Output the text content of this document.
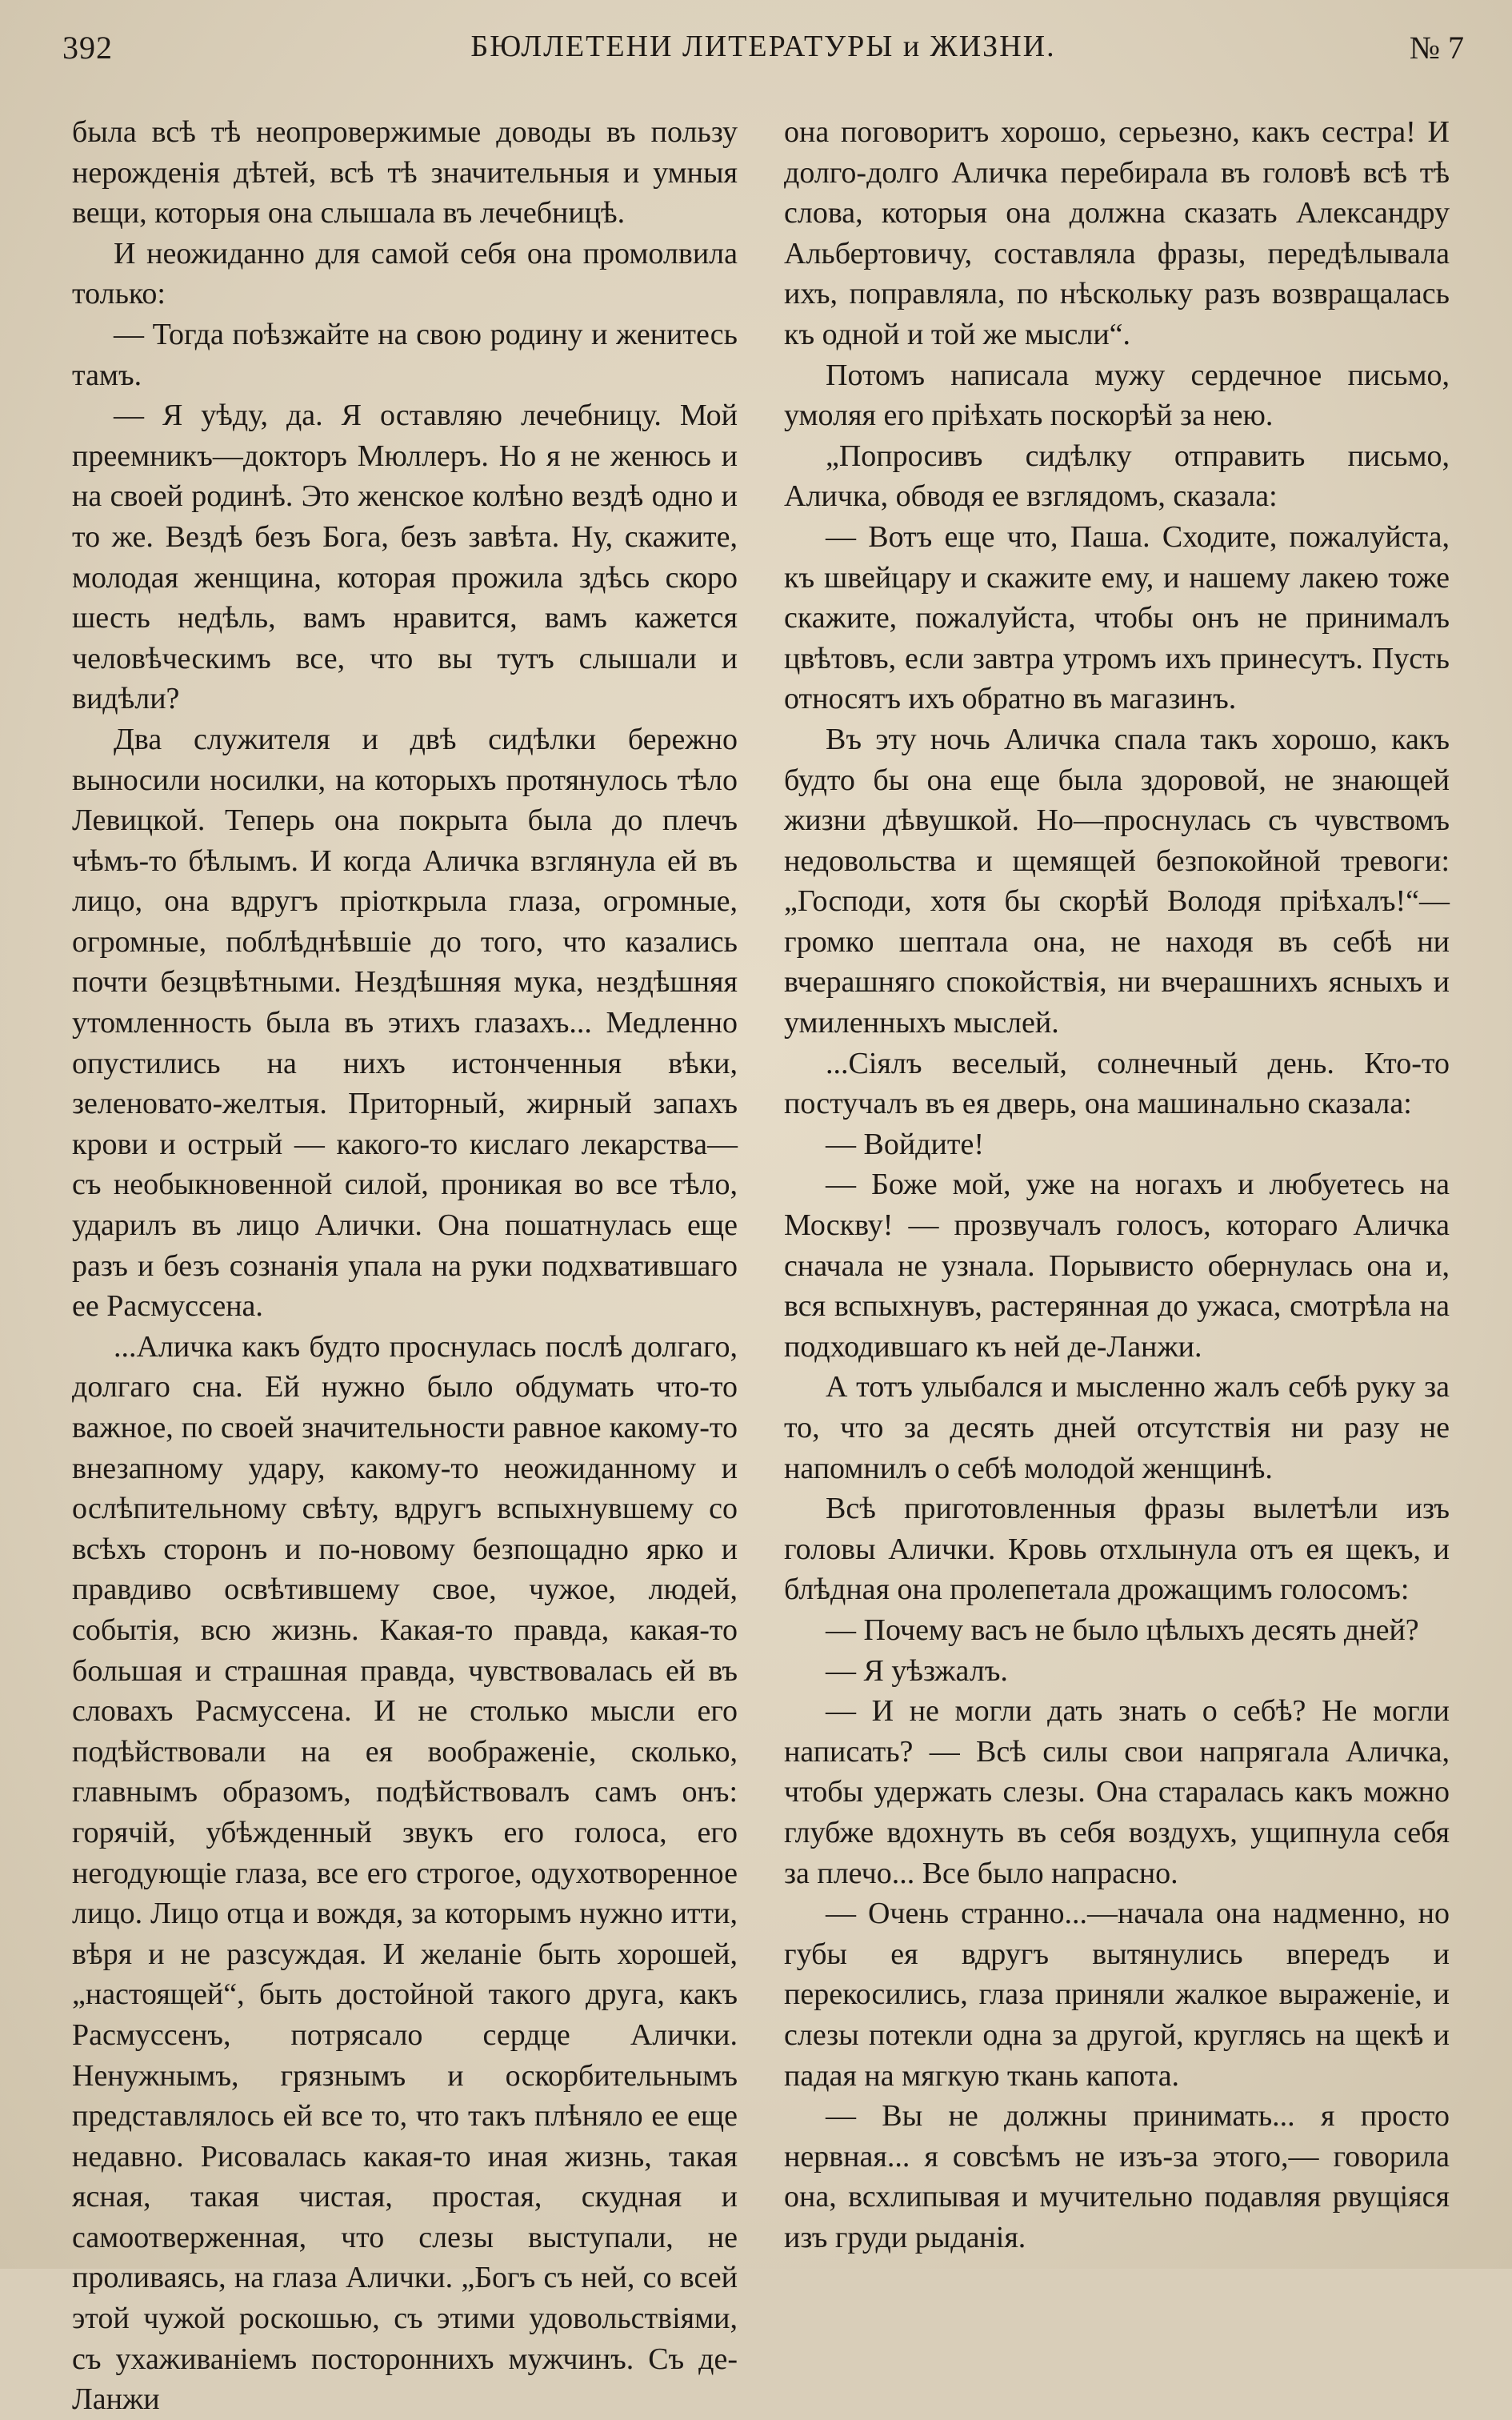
392	БЮЛЛЕТЕНИ ЛИТЕРАТУРЫ и ЖИЗНИ.	№ 7

была всѣ тѣ неопровержимые доводы въ пользу нерожденія дѣтей, всѣ тѣ значительныя и умныя вещи, которыя она слышала въ лечебницѣ.

И неожиданно для самой себя она промолвила только:

— Тогда поѣзжайте на свою родину и женитесь тамъ.

— Я уѣду, да. Я оставляю лечебницу. Мой преемникъ—докторъ Мюллеръ. Но я не женюсь и на своей родинѣ. Это женское колѣно вездѣ одно и то же. Вездѣ безъ Бога, безъ завѣта. Ну, скажите, молодая женщина, которая прожила здѣсь скоро шесть недѣль, вамъ нравится, вамъ кажется человѣческимъ все, что вы тутъ слышали и видѣли?

Два служителя и двѣ сидѣлки бережно выносили носилки, на которыхъ протянулось тѣло Левицкой. Теперь она покрыта была до плечъ чѣмъ-то бѣлымъ. И когда Аличка взглянула ей въ лицо, она вдругъ пріоткрыла глаза, огромные, огромные, поблѣднѣвшіе до того, что казались почти безцвѣтными. Нездѣшняя мука, нездѣшняя утомленность была въ этихъ глазахъ... Медленно опустились на нихъ истонченныя вѣки, зеленовато-желтыя. Приторный, жирный запахъ крови и острый — какого-то кислаго лекарства—съ необыкновенной силой, проникая во все тѣло, ударилъ въ лицо Алички. Она пошатнулась еще разъ и безъ сознанія упала на руки подхватившаго ее Расмуссена.

...Аличка какъ будто проснулась послѣ долгаго, долгаго сна. Ей нужно было обдумать что-то важное, по своей значительности равное какому-то внезапному удару, какому-то неожиданному и ослѣпительному свѣту, вдругъ вспыхнувшему со всѣхъ сторонъ и по-новому безпощадно ярко и правдиво освѣтившему свое, чужое, людей, событія, всю жизнь. Какая-то правда, какая-то большая и страшная правда, чувствовалась ей въ словахъ Расмуссена. И не столько мысли его подѣйствовали на ея воображеніе, сколько, главнымъ образомъ, подѣйствовалъ самъ онъ: горячій, убѣжденный звукъ его голоса, его негодующіе глаза, все его строгое, одухотворенное лицо. Лицо отца и вождя, за которымъ нужно итти, вѣря и не разсуждая. И желаніе быть хорошей, „настоящей“, быть достойной такого друга, какъ Расмуссенъ, потрясало сердце Алички. Ненужнымъ, грязнымъ и оскорбительнымъ представлялось ей все то, что такъ плѣняло ее еще недавно. Рисовалась какая-то иная жизнь, такая ясная, такая чистая, простая, скудная и самоотверженная, что слезы выступали, не проливаясь, на глаза Алички. „Богъ съ ней, со всей этой чужой роскошью, съ этими удовольствіями, съ ухаживаніемъ постороннихъ мужчинъ. Съ де-Ланжи

она поговоритъ хорошо, серьезно, какъ сестра! И долго-долго Аличка перебирала въ головѣ всѣ тѣ слова, которыя она должна сказать Александру Альбертовичу, составляла фразы, передѣлывала ихъ, поправляла, по нѣскольку разъ возвращалась къ одной и той же мысли“.

Потомъ написала мужу сердечное письмо, умоляя его пріѣхать поскорѣй за нею.

„Попросивъ сидѣлку отправить письмо, Аличка, обводя ее взглядомъ, сказала:

— Вотъ еще что, Паша. Сходите, пожалуйста, къ швейцару и скажите ему, и нашему лакею тоже скажите, пожалуйста, чтобы онъ не принималъ цвѣтовъ, если завтра утромъ ихъ принесутъ. Пусть относятъ ихъ обратно въ магазинъ.

Въ эту ночь Аличка спала такъ хорошо, какъ будто бы она еще была здоровой, не знающей жизни дѣвушкой. Но—проснулась съ чувствомъ недовольства и щемящей безпокойной тревоги: „Господи, хотя бы скорѣй Володя пріѣхалъ!“—громко шептала она, не находя въ себѣ ни вчерашняго спокойствія, ни вчерашнихъ ясныхъ и умиленныхъ мыслей.

...Сіялъ веселый, солнечный день. Кто-то постучалъ въ ея дверь, она машинально сказала:

— Войдите!

— Боже мой, уже на ногахъ и любуетесь на Москву! — прозвучалъ голосъ, котораго Аличка сначала не узнала. Порывисто обернулась она и, вся вспыхнувъ, растерянная до ужаса, смотрѣла на подходившаго къ ней де-Ланжи.

А тотъ улыбался и мысленно жалъ себѣ руку за то, что за десять дней отсутствія ни разу не напомнилъ о себѣ молодой женщинѣ.

Всѣ приготовленныя фразы вылетѣли изъ головы Алички. Кровь отхлынула отъ ея щекъ, и блѣдная она пролепетала дрожащимъ голосомъ:

— Почему васъ не было цѣлыхъ десять дней?

— Я уѣзжалъ.

— И не могли дать знать о себѣ? Не могли написать? — Всѣ силы свои напрягала Аличка, чтобы удержать слезы. Она старалась какъ можно глубже вдохнуть въ себя воздухъ, ущипнула себя за плечо... Все было напрасно.

— Очень странно...—начала она надменно, но губы ея вдругъ вытянулись впередъ и перекосились, глаза приняли жалкое выраженіе, и слезы потекли одна за другой, круглясь на щекѣ и падая на мягкую ткань капота.

— Вы не должны принимать... я просто нервная... я совсѣмъ не изъ-за этого,— говорила она, всхлипывая и мучительно подавляя рвущіяся изъ груди рыданія.
